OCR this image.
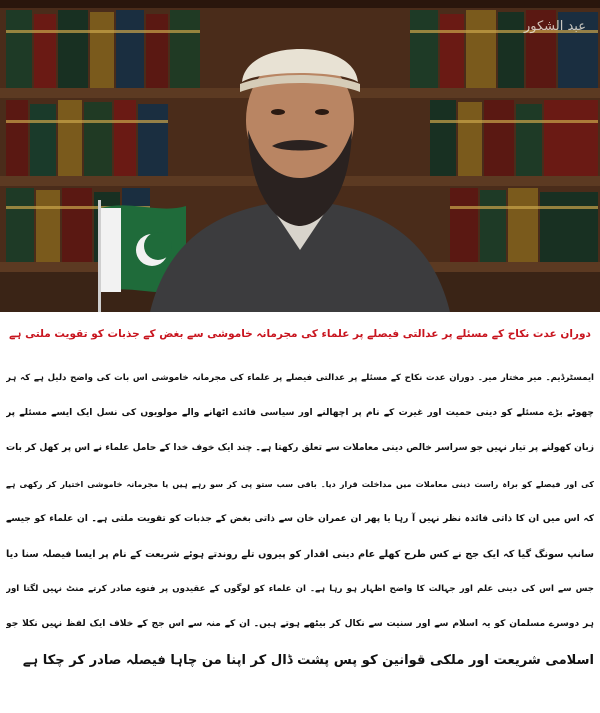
عبد الشکور
دوران عدت نکاح کے مسئلے پر عدالتی فیصلے پر علماء کی مجرمانہ خاموشی سے بغض کے جذبات کو تقویت ملتی ہے
ایمسٹرڈیم۔ میر مختار میر۔ دوران عدت نکاح کے مسئلے پر عدالتی فیصلے پر علماء کی مجرمانہ خاموشی اس بات کی واضح دلیل ہے کہ ہر
چھوٹے بڑے مسئلے کو دینی حمیت اور غیرت کے نام پر اچھالنے اور سیاسی فائدے اٹھانے والے مولویوں کی نسل ایک ایسے مسئلے پر
زبان کھولنے پر تیار نہیں جو سراسر خالص دینی معاملات سے تعلق رکھتا ہے۔ چند ایک خوف خدا کے حامل علماء نے اس پر کھل کر بات
کی اور فیصلے کو براہ راست دینی معاملات میں مداخلت قرار دیا۔ باقی سب ستو پی کر سو رہے ہیں یا مجرمانہ خاموشی اختیار کر رکھی ہے
کہ اس میں ان کا ذاتی فائدہ نظر نہیں آ رہا یا پھر ان عمران خان سے ذاتی بغض کے جذبات کو تقویت ملتی ہے۔ ان علماء کو جیسے
سانپ سونگ گیا کہ ایک جج نے کس طرح کھلے عام دینی اقدار کو پیروں تلے روندتے ہوئے شریعت کے نام پر ایسا فیصلہ سنا دیا
جس سے اس کی دینی علم اور جہالت کا واضح اظہار ہو رہا ہے۔ ان علماء کو لوگوں کے عقیدوں پر فتوے صادر کرتے منٹ نہیں لگتا اور
ہر دوسرے مسلمان کو یہ اسلام سے اور سنیت سے نکال کر بیٹھے ہوتے ہیں۔ ان کے منہ سے اس جج کے خلاف ایک لفظ نہیں نکلا جو
اسلامی شریعت اور ملکی قوانین کو پس پشت ڈال کر اپنا من چاہا فیصلہ صادر کر چکا ہے
